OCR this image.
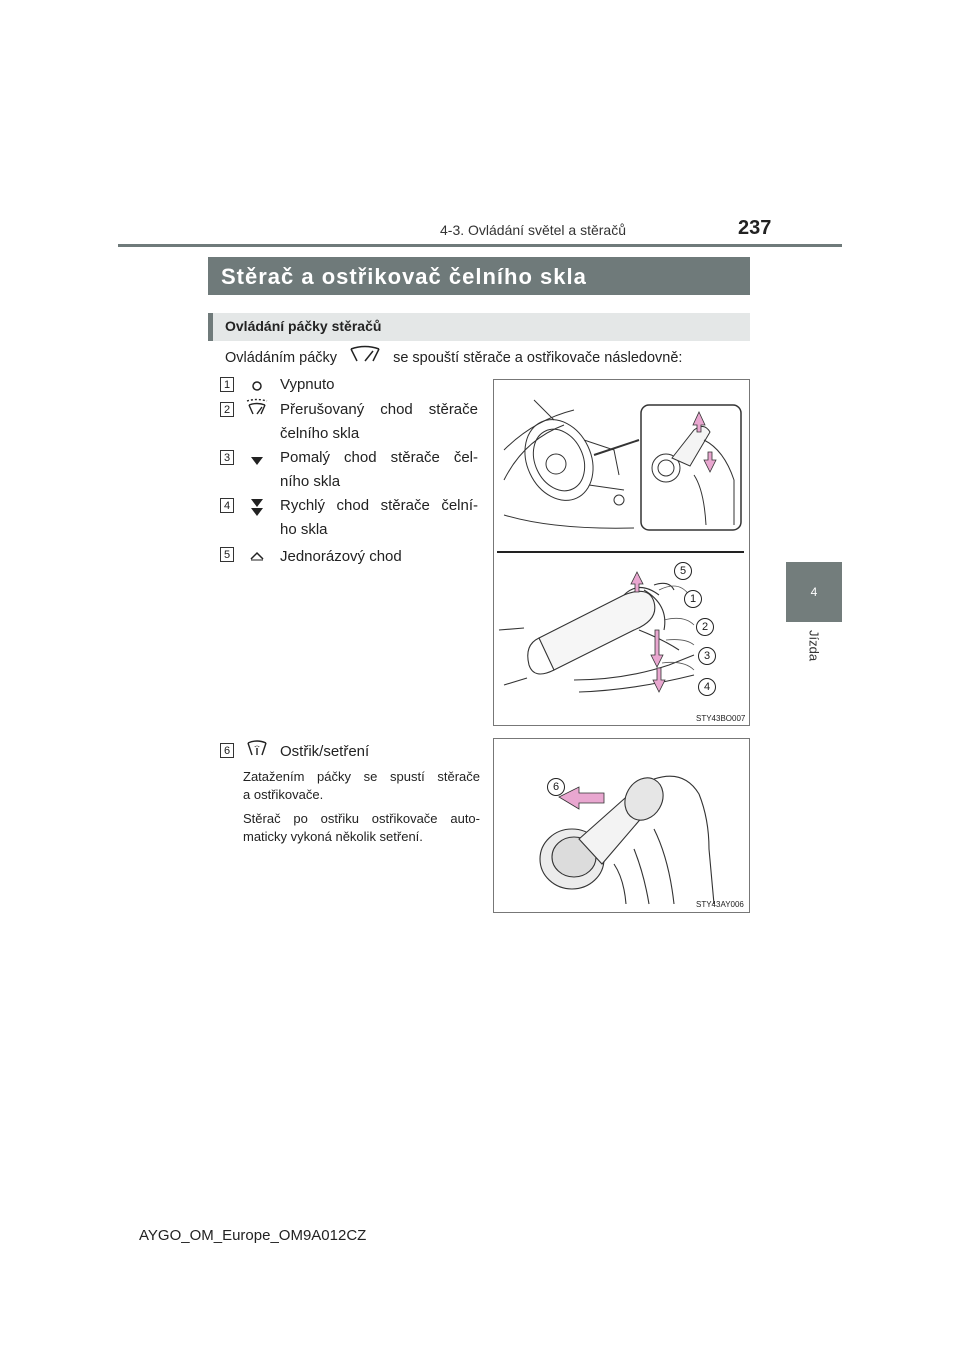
4-3. Ovládání světel a stěračů	237
4
Jízda
Stěrač a ostřikovač čelního skla
Ovládání páčky stěračů
Ovládáním páčky	se spouští stěrače a ostřikovače následovně:
1	Vypnuto
2	Přerušovaný chod stěrače
čelního skla
3	Pomalý chod stěrače čel-
ního skla
4	Rychlý chod stěrače čelní-
ho skla
5	Jednorázový chod
5
1
2
3
4
STY43BO007
6	Ostřik/setření
Zatažením páčky se spustí stěrače
a ostřikovače.
Stěrač po ostřiku ostřikovače auto-
maticky vykoná několik setření.
6
STY43AY006
AYGO_OM_Europe_OM9A012CZ
